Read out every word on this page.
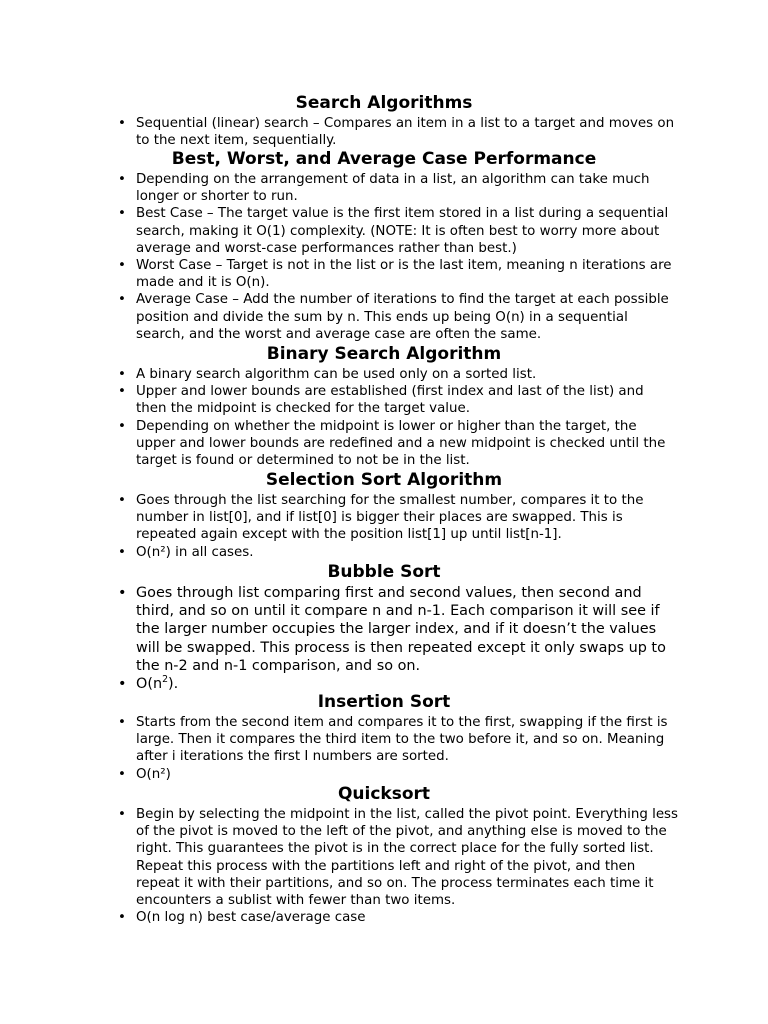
Search Algorithms
• Sequential (linear) search – Compares an item in a list to a target and moves on to the next item, sequentially.
Best, Worst, and Average Case Performance
• Depending on the arrangement of data in a list, an algorithm can take much longer or shorter to run.
• Best Case – The target value is the first item stored in a list during a sequential search, making it O(1) complexity. (NOTE: It is often best to worry more about average and worst-case performances rather than best.)
• Worst Case – Target is not in the list or is the last item, meaning n iterations are made and it is O(n).
• Average Case – Add the number of iterations to find the target at each possible position and divide the sum by n. This ends up being O(n) in a sequential search, and the worst and average case are often the same.
Binary Search Algorithm
• A binary search algorithm can be used only on a sorted list.
• Upper and lower bounds are established (first index and last of the list) and then the midpoint is checked for the target value.
• Depending on whether the midpoint is lower or higher than the target, the upper and lower bounds are redefined and a new midpoint is checked until the target is found or determined to not be in the list.
Selection Sort Algorithm
• Goes through the list searching for the smallest number, compares it to the number in list[0], and if list[0] is bigger their places are swapped. This is repeated again except with the position list[1] up until list[n-1].
• O(n²) in all cases.
Bubble Sort
• Goes through list comparing first and second values, then second and third, and so on until it compare n and n-1. Each comparison it will see if the larger number occupies the larger index, and if it doesn’t the values will be swapped. This process is then repeated except it only swaps up to the n-2 and n-1 comparison, and so on.
• $O(n^2)$.
Insertion Sort
• Starts from the second item and compares it to the first, swapping if the first is large. Then it compares the third item to the two before it, and so on. Meaning after i iterations the first I numbers are sorted.
• O(n²)
Quicksort
• Begin by selecting the midpoint in the list, called the pivot point. Everything less of the pivot is moved to the left of the pivot, and anything else is moved to the right. This guarantees the pivot is in the correct place for the fully sorted list. Repeat this process with the partitions left and right of the pivot, and then repeat it with their partitions, and so on. The process terminates each time it encounters a sublist with fewer than two items.
• O(n log n) best case/average case
